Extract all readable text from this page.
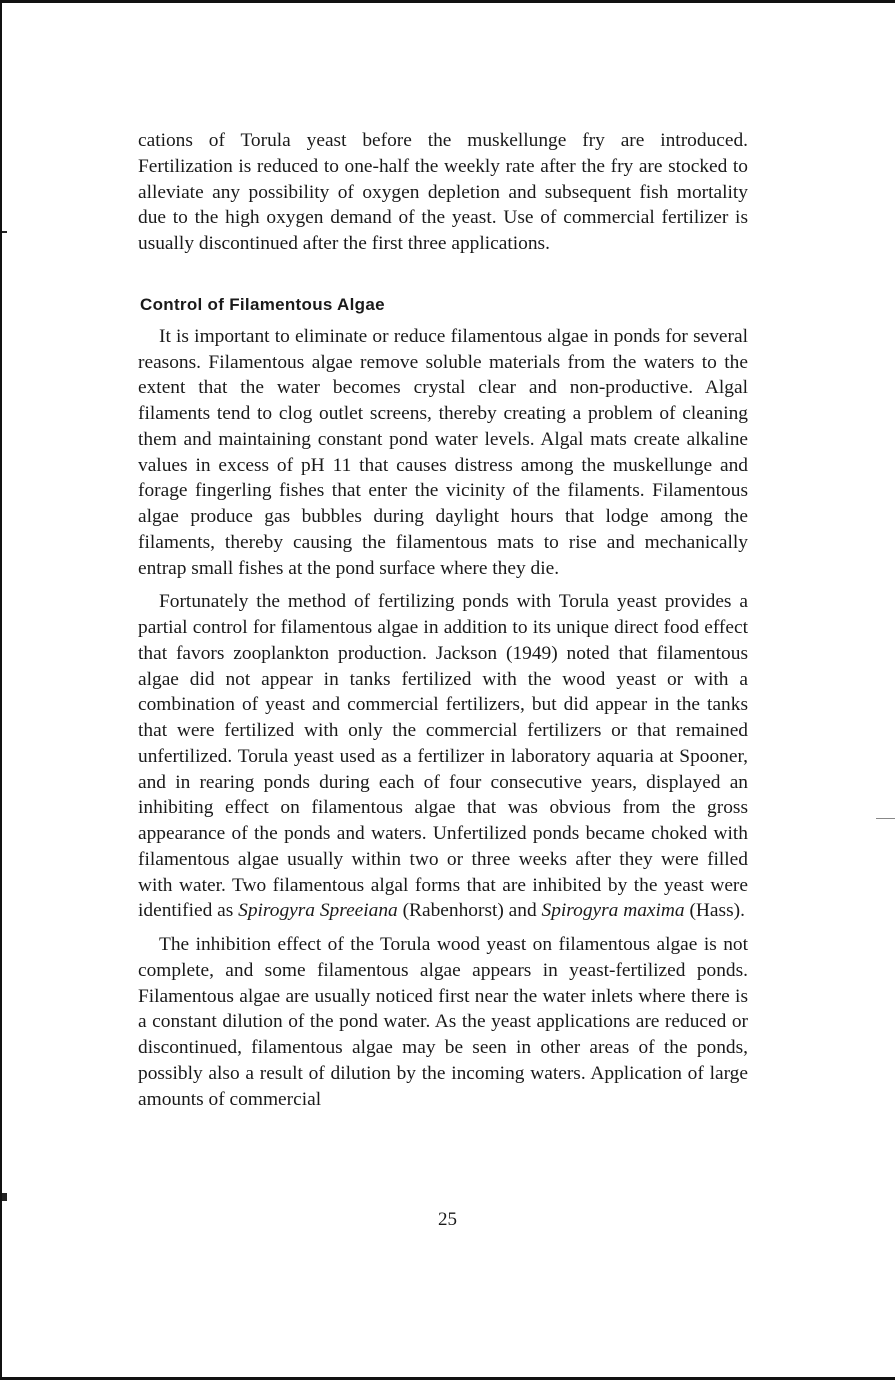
cations of Torula yeast before the muskellunge fry are introduced. Fertilization is reduced to one-half the weekly rate after the fry are stocked to alleviate any possibility of oxygen depletion and subsequent fish mortality due to the high oxygen demand of the yeast. Use of commercial fertilizer is usually discontinued after the first three applications.

Control of Filamentous Algae

It is important to eliminate or reduce filamentous algae in ponds for several reasons. Filamentous algae remove soluble materials from the waters to the extent that the water becomes crystal clear and non-productive. Algal filaments tend to clog outlet screens, thereby creating a problem of cleaning them and maintaining constant pond water levels. Algal mats create alkaline values in excess of pH 11 that causes distress among the muskellunge and forage fingerling fishes that enter the vicinity of the filaments. Filamentous algae produce gas bubbles during daylight hours that lodge among the filaments, thereby causing the filamentous mats to rise and mechanically entrap small fishes at the pond surface where they die.

Fortunately the method of fertilizing ponds with Torula yeast provides a partial control for filamentous algae in addition to its unique direct food effect that favors zooplankton production. Jackson (1949) noted that filamentous algae did not appear in tanks fertilized with the wood yeast or with a combination of yeast and commercial fertilizers, but did appear in the tanks that were fertilized with only the commercial fertilizers or that remained unfertilized. Torula yeast used as a fertilizer in laboratory aquaria at Spooner, and in rearing ponds during each of four consecutive years, displayed an inhibiting effect on filamentous algae that was obvious from the gross appearance of the ponds and waters. Unfertilized ponds became choked with filamentous algae usually within two or three weeks after they were filled with water. Two filamentous algal forms that are inhibited by the yeast were identified as Spirogyra Spreeiana (Rabenhorst) and Spirogyra maxima (Hass).

The inhibition effect of the Torula wood yeast on filamentous algae is not complete, and some filamentous algae appears in yeast-fertilized ponds. Filamentous algae are usually noticed first near the water inlets where there is a constant dilution of the pond water. As the yeast applications are reduced or discontinued, filamentous algae may be seen in other areas of the ponds, possibly also a result of dilution by the incoming waters. Application of large amounts of commercial

25
